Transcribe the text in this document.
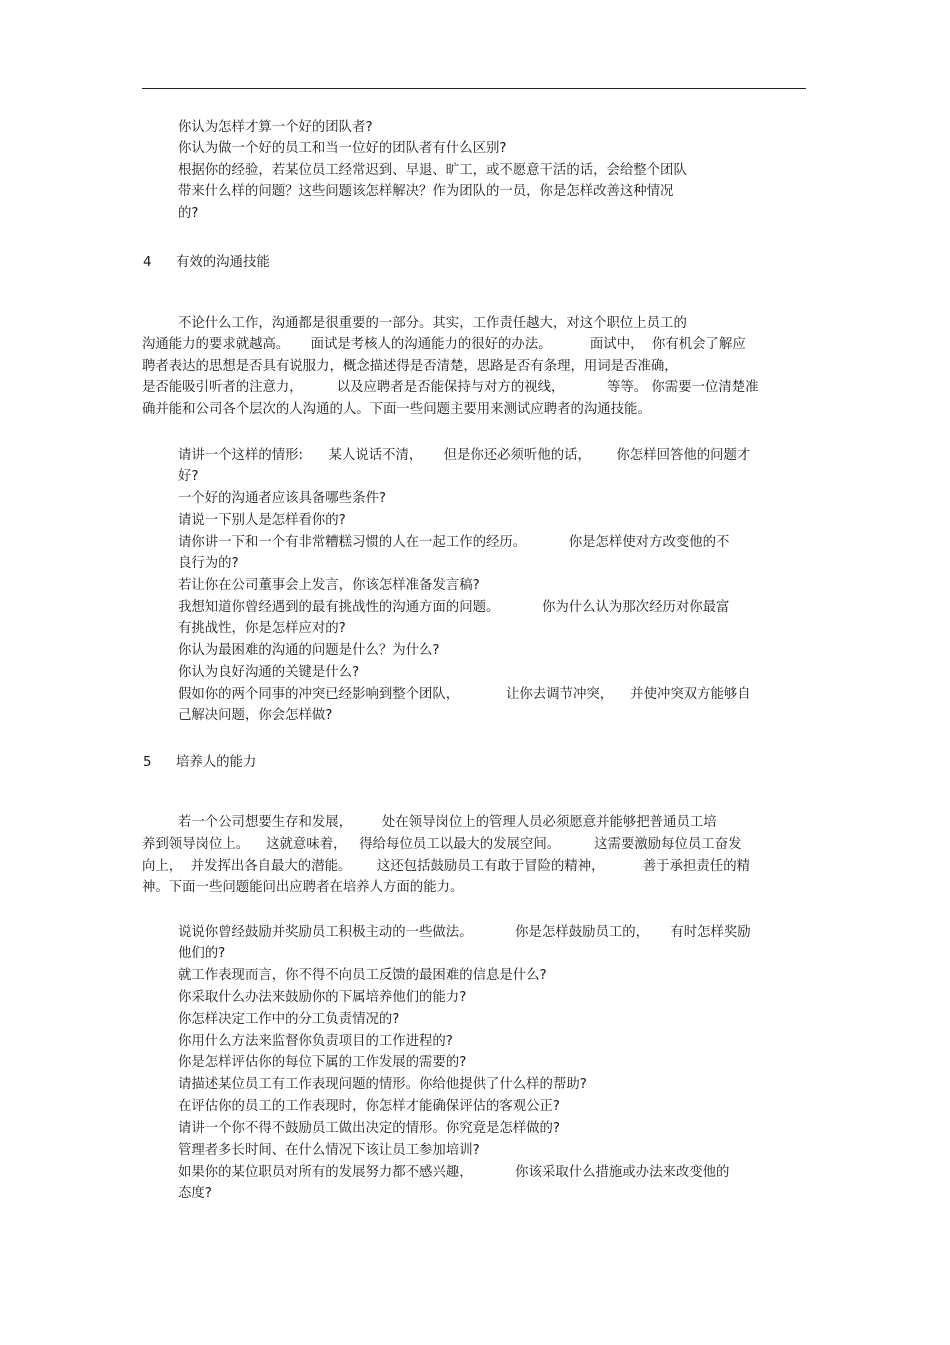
你认为怎样才算一个好的团队者?
你认为做一个好的员工和当一位好的团队者有什么区别?
根据你的经验，若某位员工经常迟到、早退、旷工，或不愿意干活的话，会给整个团队
带来什么样的问题？这些问题该怎样解决？作为团队的一员，你是怎样改善这种情况
的?
4 有效的沟通技能
不论什么工作，沟通都是很重要的一部分。其实，工作责任越大，对这个职位上员工的
沟通能力的要求就越高。     面试是考核人的沟通能力的很好的办法。         面试中，  你有机会了解应
聘者表达的思想是否具有说服力，概念描述得是否清楚，思路是否有条理，用词是否准确，
是否能吸引听者的注意力，        以及应聘者是否能保持与对方的视线，          等等。 你需要一位清楚准
确并能和公司各个层次的人沟通的人。下面一些问题主要用来测试应聘者的沟通技能。
请讲一个这样的情形:      某人说话不清，     但是你还必须听他的话，      你怎样回答他的问题才
好?
一个好的沟通者应该具备哪些条件?
请说一下别人是怎样看你的?
请你讲一下和一个有非常糟糕习惯的人在一起工作的经历。          你是怎样使对方改变他的不
良行为的?
若让你在公司董事会上发言，你该怎样准备发言稿?
我想知道你曾经遇到的最有挑战性的沟通方面的问题。          你为什么认为那次经历对你最富
有挑战性，你是怎样应对的?
你认为最困难的沟通的问题是什么？为什么?
你认为良好沟通的关键是什么?
假如你的两个同事的冲突已经影响到整个团队，           让你去调节冲突，    并使冲突双方能够自
己解决问题，你会怎样做?
5 培养人的能力
若一个公司想要生存和发展，       处在领导岗位上的管理人员必须愿意并能够把普通员工培
养到领导岗位上。    这就意味着，   得给每位员工以最大的发展空间。        这需要激励每位员工奋发
向上，  并发挥出各自最大的潜能。      这还包括鼓励员工有敢于冒险的精神，         善于承担责任的精
神。下面一些问题能问出应聘者在培养人方面的能力。
说说你曾经鼓励并奖励员工积极主动的一些做法。          你是怎样鼓励员工的，     有时怎样奖励
他们的?
就工作表现而言，你不得不向员工反馈的最困难的信息是什么?
你采取什么办法来鼓励你的下属培养他们的能力?
你怎样决定工作中的分工负责情况的?
你用什么方法来监督你负责项目的工作进程的?
你是怎样评估你的每位下属的工作发展的需要的?
请描述某位员工有工作表现问题的情形。你给他提供了什么样的帮助?
在评估你的员工的工作表现时，你怎样才能确保评估的客观公正?
请讲一个你不得不鼓励员工做出决定的情形。你究竟是怎样做的?
管理者多长时间、在什么情况下该让员工参加培训?
如果你的某位职员对所有的发展努力都不感兴趣，          你该采取什么措施或办法来改变他的
态度?
